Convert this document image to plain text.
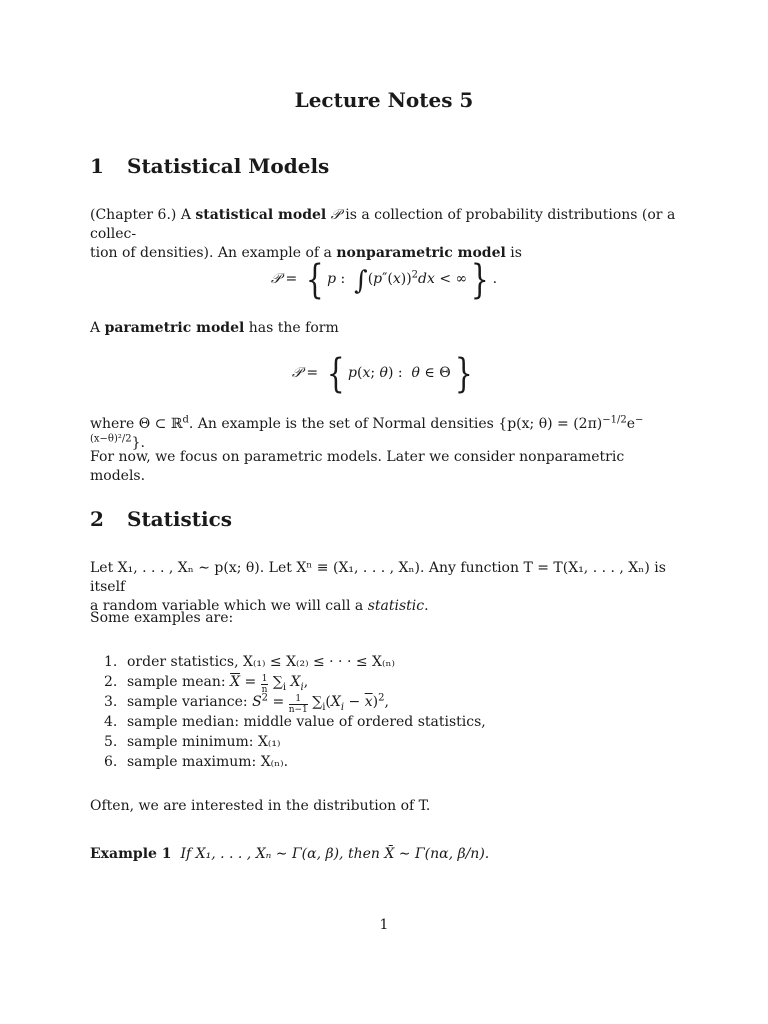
Lecture Notes 5
1 Statistical Models
(Chapter 6.) A statistical model 𝒫 is a collection of probability distributions (or a collec-
tion of densities). An example of a nonparametric model is
𝒫 = { p :  $\int(p''(x))^2dx$ < ∞} .
A parametric model has the form
𝒫 = { p(x; θ) :  θ ∈ Θ}
where Θ ⊂ ℝ$^d$. An example is the set of Normal densities {p(x; $\theta) = (2\pi)^{-1/2}e^{-(x-\theta)^2/2}$}.
For now, we focus on parametric models. Later we consider nonparametric models.
2 Statistics
Let X₁, . . . , Xₙ ∼ p(x; θ). Let Xⁿ ≡ (X₁, . . . , Xₙ). Any function T = T(X₁, . . . , Xₙ) is itself
a random variable which we will call a statistic.
Some examples are:
1. order statistics, X₍₁₎ ≤ X₍₂₎ ≤ · · · ≤ X₍ₙ₎
2. sample mean: $\overline{X} = \frac{1}{n} \sum_i$ $X_i$,
3. sample variance: $S^2 = \frac{1}{n-1} \sum_i(X_i - \overline{x})^2$,
4. sample median: middle value of ordered statistics,
5. sample minimum: X₍₁₎
6. sample maximum: X₍ₙ₎.
Often, we are interested in the distribution of T.
Example 1 If X₁, . . . , Xₙ ∼ Γ(α, β), then X̄ ∼ Γ(nα, β/n).
1
